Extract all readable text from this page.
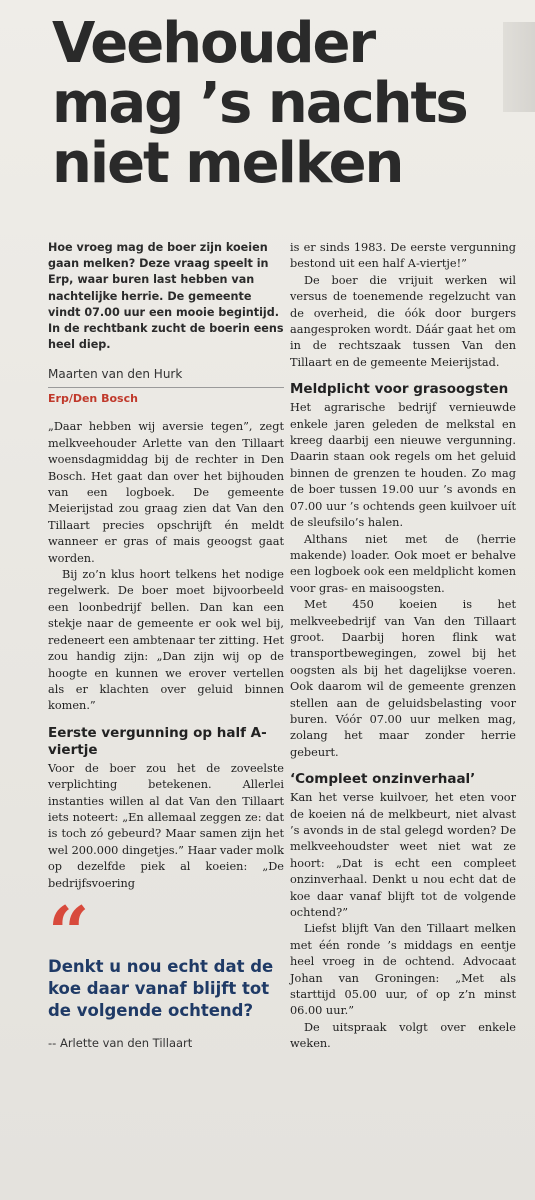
Veehouder mag ’s nachts niet melken

Hoe vroeg mag de boer zijn koeien gaan melken? Deze vraag speelt in Erp, waar buren last hebben van nachtelijke herrie. De gemeente vindt 07.00 uur een mooie begintijd. In de rechtbank zucht de boerin eens heel diep.

Maarten van den Hurk

Erp/Den Bosch

„Daar hebben wij aversie tegen”, zegt melkveehouder Arlette van den Tillaart woensdagmiddag bij de rechter in Den Bosch. Het gaat dan over het bijhouden van een logboek. De gemeente Meierijstad zou graag zien dat Van den Tillaart precies opschrijft én meldt wanneer er gras of mais geoogst gaat worden.

Bij zo’n klus hoort telkens het nodige regelwerk. De boer moet bijvoorbeeld een loonbedrijf bellen. Dan kan een stekje naar de gemeente er ook wel bij, redeneert een ambtenaar ter zitting. Het zou handig zijn: „Dan zijn wij op de hoogte en kunnen we erover vertellen als er klachten over geluid binnen komen.”

Eerste vergunning op half A-viertje

Voor de boer zou het de zoveelste verplichting betekenen. Allerlei instanties willen al dat Van den Tillaart iets noteert: „En allemaal zeggen ze: dat is toch zó gebeurd? Maar samen zijn het wel 200.000 dingetjes.” Haar vader molk op dezelfde piek al koeien: „De bedrijfsvoering

“

Denkt u nou echt dat de koe daar vanaf blijft tot de volgende ochtend?

-- Arlette van den Tillaart

is er sinds 1983. De eerste vergunning bestond uit een half A-viertje!”

De boer die vrijuit werken wil versus de toenemende regelzucht van de overheid, die óók door burgers aangesproken wordt. Dáár gaat het om in de rechtszaak tussen Van den Tillaart en de gemeente Meierijstad.

Meldplicht voor grasoogsten

Het agrarische bedrijf vernieuwde enkele jaren geleden de melkstal en kreeg daarbij een nieuwe vergunning. Daarin staan ook regels om het geluid binnen de grenzen te houden. Zo mag de boer tussen 19.00 uur ’s avonds en 07.00 uur ’s ochtends geen kuilvoer uít de sleufsilo’s halen.

Althans niet met de (herrie makende) loader. Ook moet er behalve een logboek ook een meldplicht komen voor gras- en maisoogsten.

Met 450 koeien is het melkveebedrijf van Van den Tillaart groot. Daarbij horen flink wat transportbewegingen, zowel bij het oogsten als bij het dagelijkse voeren. Ook daarom wil de gemeente grenzen stellen aan de geluidsbelasting voor buren. Vóór 07.00 uur melken mag, zolang het maar zonder herrie gebeurt.

‘Compleet onzinverhaal’

Kan het verse kuilvoer, het eten voor de koeien ná de melkbeurt, niet alvast ’s avonds in de stal gelegd worden? De melkveehoudster weet niet wat ze hoort: „Dat is echt een compleet onzinverhaal. Denkt u nou echt dat de koe daar vanaf blijft tot de volgende ochtend?”

Liefst blijft Van den Tillaart melken met één ronde ’s middags en eentje heel vroeg in de ochtend. Advocaat Johan van Groningen: „Met als starttijd 05.00 uur, of op z’n minst 06.00 uur.”

De uitspraak volgt over enkele weken.
